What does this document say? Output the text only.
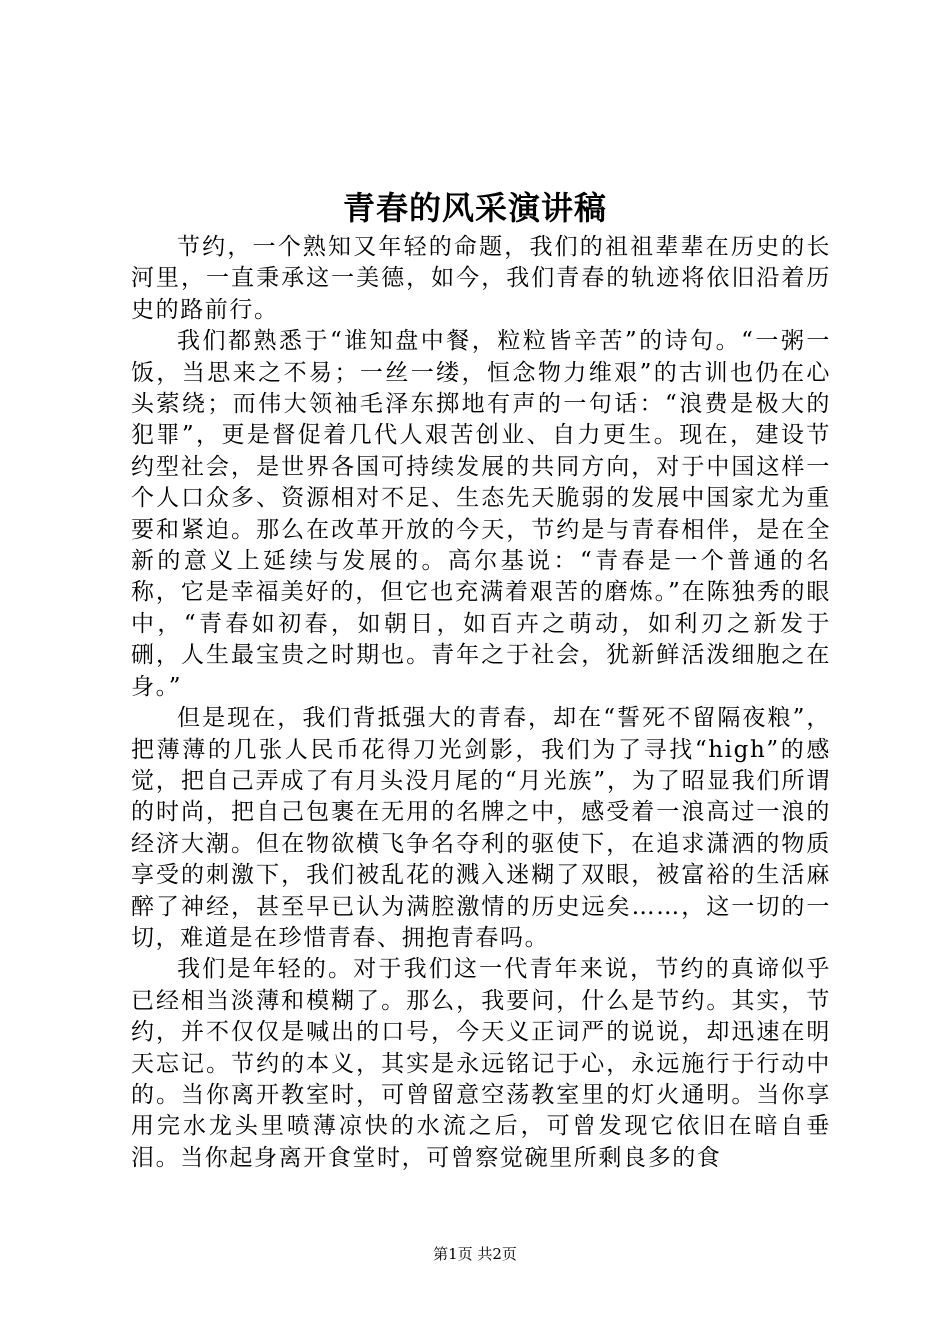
青春的风采演讲稿

节约，一个熟知又年轻的命题，我们的祖祖辈辈在历史的长河里，一直秉承这一美德，如今，我们青春的轨迹将依旧沿着历史的路前行。

我们都熟悉于“谁知盘中餐，粒粒皆辛苦”的诗句。“一粥一饭，当思来之不易；一丝一缕，恒念物力维艰”的古训也仍在心头萦绕；而伟大领袖毛泽东掷地有声的一句话：“浪费是极大的犯罪”，更是督促着几代人艰苦创业、自力更生。现在，建设节约型社会，是世界各国可持续发展的共同方向，对于中国这样一个人口众多、资源相对不足、生态先天脆弱的发展中国家尤为重要和紧迫。那么在改革开放的今天，节约是与青春相伴，是在全新的意义上延续与发展的。高尔基说：“青春是一个普通的名称，它是幸福美好的，但它也充满着艰苦的磨炼。”在陈独秀的眼中，“青春如初春，如朝日，如百卉之萌动，如利刃之新发于硎，人生最宝贵之时期也。青年之于社会，犹新鲜活泼细胞之在身。”

但是现在，我们背抵强大的青春，却在“誓死不留隔夜粮”，把薄薄的几张人民币花得刀光剑影，我们为了寻找“high”的感觉，把自己弄成了有月头没月尾的“月光族”，为了昭显我们所谓的时尚，把自己包裹在无用的名牌之中，感受着一浪高过一浪的经济大潮。但在物欲横飞争名夺利的驱使下，在追求潇洒的物质享受的刺激下，我们被乱花的溅入迷糊了双眼，被富裕的生活麻醉了神经，甚至早已认为满腔激情的历史远矣……，这一切的一切，难道是在珍惜青春、拥抱青春吗。

我们是年轻的。对于我们这一代青年来说，节约的真谛似乎已经相当淡薄和模糊了。那么，我要问，什么是节约。其实，节约，并不仅仅是喊出的口号，今天义正词严的说说，却迅速在明天忘记。节约的本义，其实是永远铭记于心，永远施行于行动中的。当你离开教室时，可曾留意空荡教室里的灯火通明。当你享用完水龙头里喷薄凉快的水流之后，可曾发现它依旧在暗自垂泪。当你起身离开食堂时，可曾察觉碗里所剩良多的食

第1页 共2页
